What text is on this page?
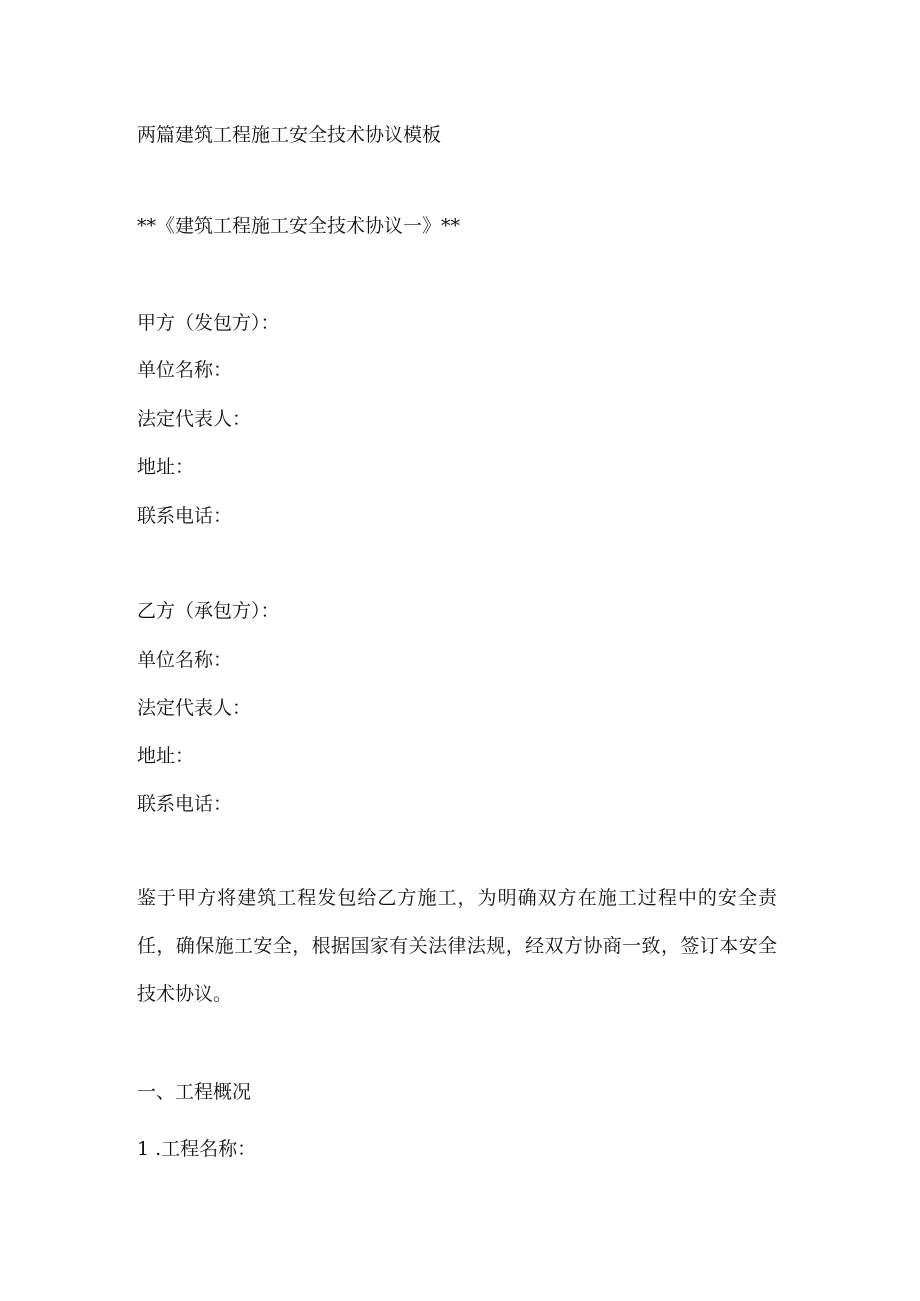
两篇建筑工程施工安全技术协议模板
**《建筑工程施工安全技术协议一》**
甲方（发包方）：
单位名称：
法定代表人：
地址：
联系电话：
乙方（承包方）：
单位名称：
法定代表人：
地址：
联系电话：
鉴于甲方将建筑工程发包给乙方施工，为明确双方在施工过程中的安全责任，确保施工安全，根据国家有关法律法规，经双方协商一致，签订本安全技术协议。
一、工程概况
1 .工程名称：
